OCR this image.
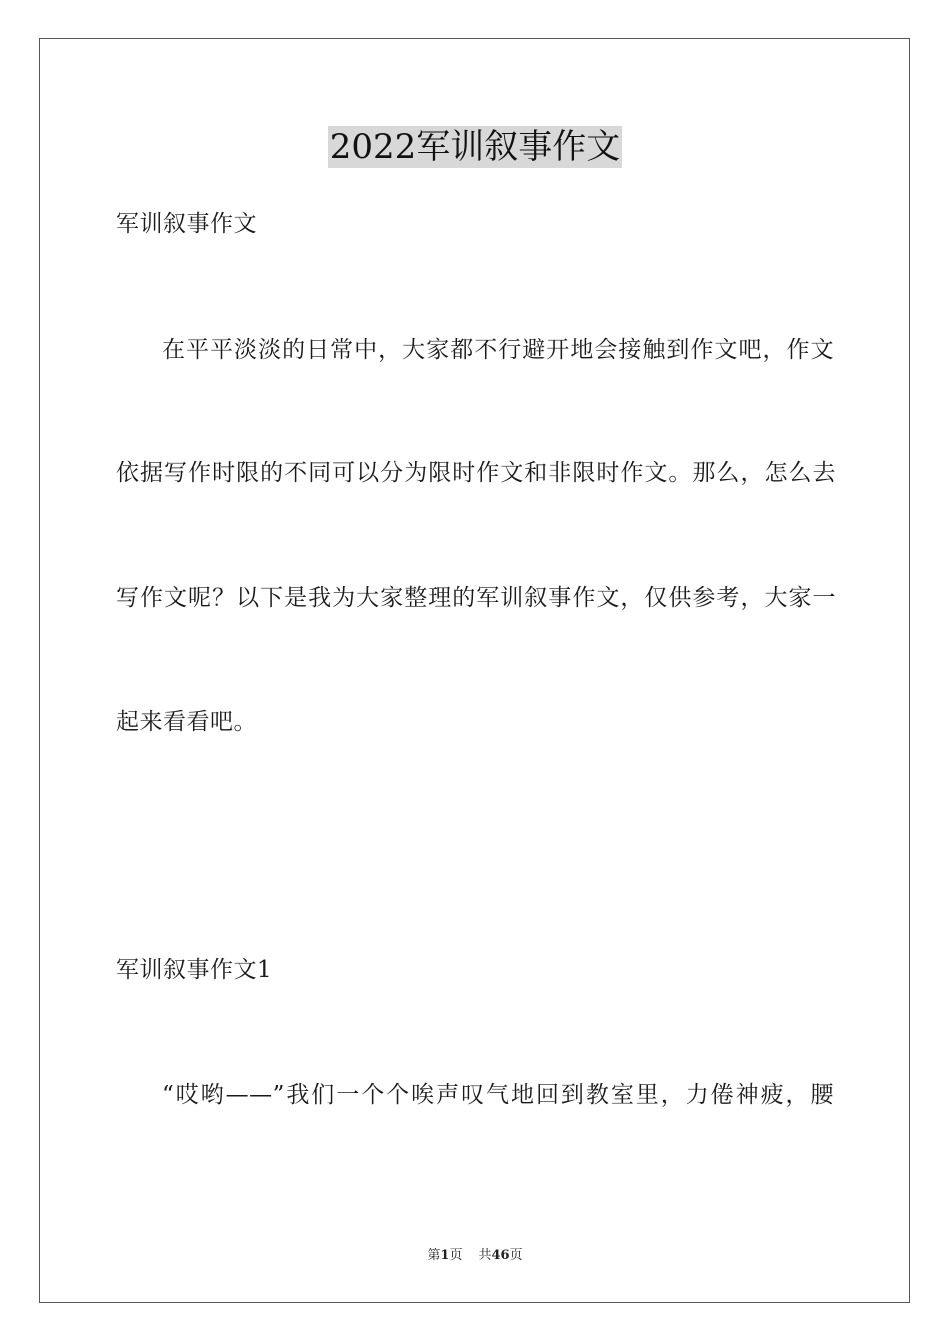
2022军训叙事作文
军训叙事作文
在平平淡淡的日常中，大家都不行避开地会接触到作文吧，作文
依据写作时限的不同可以分为限时作文和非限时作文。那么，怎么去
写作文呢？以下是我为大家整理的军训叙事作文，仅供参考，大家一
起来看看吧。
军训叙事作文1
“哎哟——”我们一个个唉声叹气地回到教室里，力倦神疲，腰
第1页 共46页
